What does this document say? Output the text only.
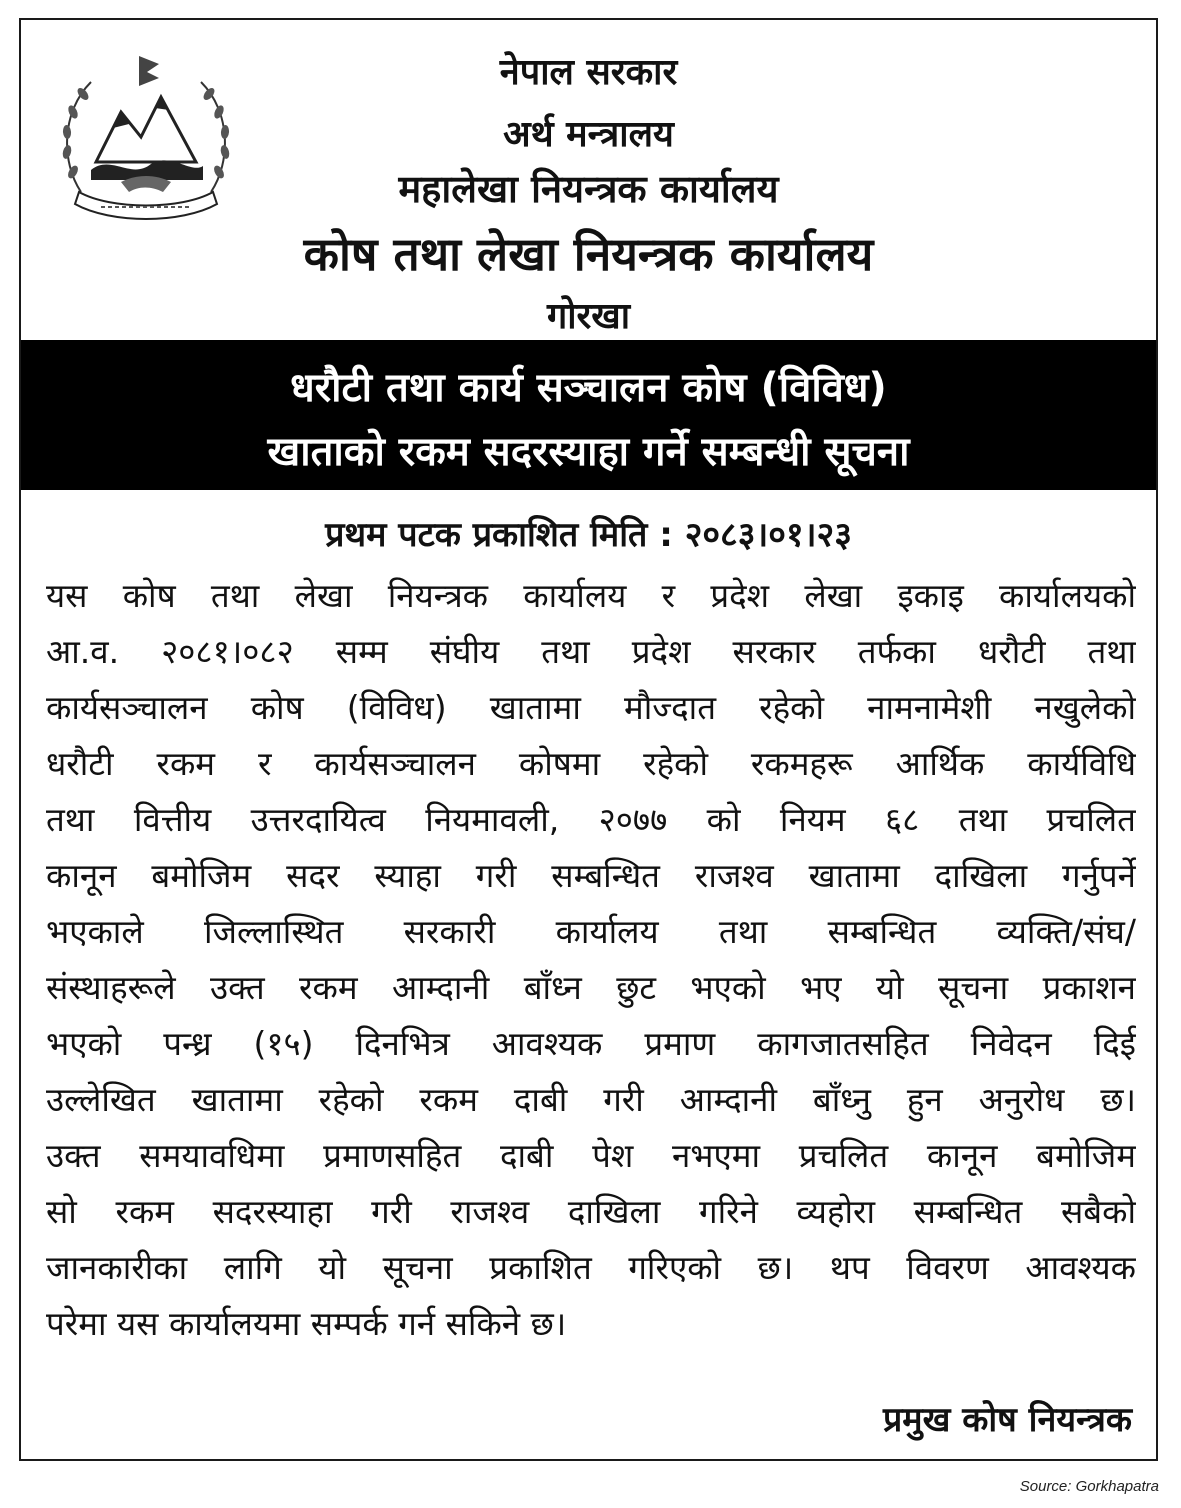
नेपाल सरकार
अर्थ मन्त्रालय
महालेखा नियन्त्रक कार्यालय
कोष तथा लेखा नियन्त्रक कार्यालय
गोरखा
धरौटी तथा कार्य सञ्चालन कोष (विविध)
खाताको रकम सदरस्याहा गर्ने सम्बन्धी सूचना
प्रथम पटक प्रकाशित मिति : २०८३।०१।२३
यस कोष तथा लेखा नियन्त्रक कार्यालय र प्रदेश लेखा इकाइ कार्यालयको
आ.व. २०८१।०८२ सम्म संघीय तथा प्रदेश सरकार तर्फका धरौटी तथा
कार्यसञ्चालन कोष (विविध) खातामा मौज्दात रहेको नामनामेशी नखुलेको
धरौटी रकम र कार्यसञ्चालन कोषमा रहेको रकमहरू आर्थिक कार्यविधि
तथा वित्तीय उत्तरदायित्व नियमावली, २०७७ को नियम ६८ तथा प्रचलित
कानून बमोजिम सदर स्याहा गरी सम्बन्धित राजश्व खातामा दाखिला गर्नुपर्ने
भएकाले जिल्लास्थित सरकारी कार्यालय तथा सम्बन्धित व्यक्ति/संघ/
संस्थाहरूले उक्त रकम आम्दानी बाँध्न छुट भएको भए यो सूचना प्रकाशन
भएको पन्ध्र (१५) दिनभित्र आवश्यक प्रमाण कागजातसहित निवेदन दिई
उल्लेखित खातामा रहेको रकम दाबी गरी आम्दानी बाँध्नु हुन अनुरोध छ।
उक्त समयावधिमा प्रमाणसहित दाबी पेश नभएमा प्रचलित कानून बमोजिम
सो रकम सदरस्याहा गरी राजश्व दाखिला गरिने व्यहोरा सम्बन्धित सबैको
जानकारीका लागि यो सूचना प्रकाशित गरिएको छ। थप विवरण आवश्यक
परेमा यस कार्यालयमा सम्पर्क गर्न सकिने छ।
प्रमुख कोष नियन्त्रक
Source: Gorkhapatra
